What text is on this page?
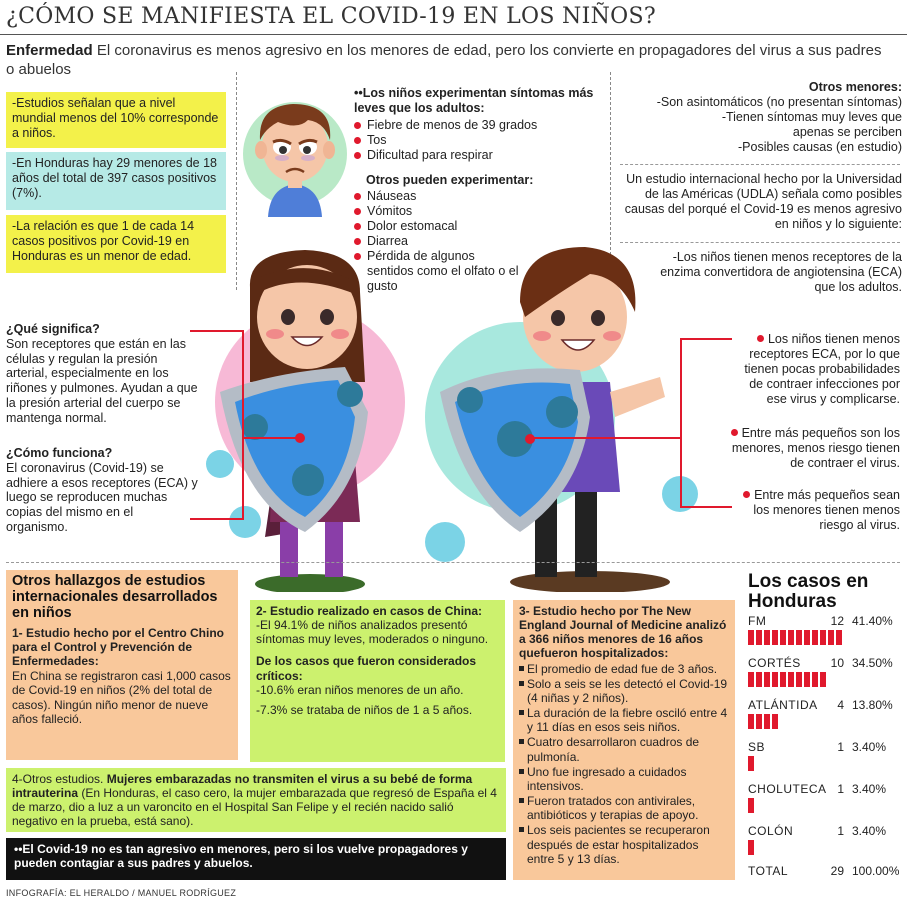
¿CÓMO SE MANIFIESTA EL COVID-19 EN LOS NIÑOS?
Enfermedad El coronavirus es menos agresivo en los menores de edad, pero los convierte en propagadores del virus a sus padres o abuelos
-Estudios señalan que a nivel mundial menos del 10% corresponde a niños.
-En Honduras hay 29 menores de 18 años del total de 397 casos positivos (7%).
-La relación es que 1 de cada 14 casos positivos por Covid-19 en Honduras es un menor de edad.
••Los niños experimentan síntomas más leves que los adultos:
Fiebre de menos de 39 grados
Tos
Dificultad para respirar
Otros pueden experimentar:
Náuseas
Vómitos
Dolor estomacal
Diarrea
Pérdida de algunos sentidos como el olfato o el gusto
Otros menores:
-Son asintomáticos (no presentan síntomas)
-Tienen síntomas muy leves que apenas se perciben
-Posibles causas (en estudio)
Un estudio internacional hecho por la Universidad de las Américas (UDLA) señala como posibles causas del porqué el Covid-19 es menos agresivo en niños y lo siguiente:
-Los niños tienen menos receptores de la enzima convertidora de angiotensina (ECA) que los adultos.
¿Qué significa?
Son receptores que están en las células y regulan la presión arterial, especialmente en los riñones y pulmones. Ayudan a que la presión arterial del cuerpo se mantenga normal.
¿Cómo funciona?
El coronavirus (Covid-19) se adhiere a esos receptores (ECA) y luego se reproducen muchas copias del mismo en el organismo.
Los niños tienen menos receptores ECA, por lo que tienen pocas probabilidades de contraer infecciones por ese virus y complicarse.
Entre más pequeños son los menores, menos riesgo tienen de contraer el virus.
Entre más pequeños sean los menores tienen menos riesgo al virus.
Otros hallazgos de estudios internacionales desarrollados en niños
1- Estudio hecho por el Centro Chino para el Control y Prevención de Enfermedades:
En China se registraron casi 1,000 casos de Covid-19 en niños (2% del total de casos). Ningún niño menor de nueve años falleció.
2- Estudio realizado en casos de China:
-El 94.1% de niños analizados presentó síntomas muy leves, moderados o ninguno.
De los casos que fueron considerados críticos:
-10.6% eran niños menores de un año.
-7.3% se trataba de niños de 1 a 5 años.
3- Estudio hecho por The New England Journal of Medicine analizó a 366 niños menores de 16 años quefueron hospitalizados:
El promedio de edad fue de 3 años.
Solo a seis se les detectó el Covid-19 (4 niñas y 2 niños).
La duración de la fiebre osciló entre 4 y 11 días en esos seis niños.
Cuatro desarrollaron cuadros de pulmonía.
Uno fue ingresado a cuidados intensivos.
Fueron tratados con antivirales, antibióticos y terapias de apoyo.
Los seis pacientes se recuperaron después de estar hospitalizados entre 5 y 13 días.
4-Otros estudios. Mujeres embarazadas no transmiten el virus a su bebé de forma intrauterina (En Honduras, el caso cero, la mujer embarazada que regresó de España el 4 de marzo, dio a luz a un varoncito en el Hospital San Felipe y el recién nacido salió negativo en la prueba, está sano).
••El Covid-19 no es tan agresivo en menores, pero si los vuelve propagadores y pueden contagiar a sus padres y abuelos.
INFOGRAFÍA: EL HERALDO / MANUEL RODRÍGUEZ
Los casos en Honduras
FM	12 41.40%
CORTÉS 10 34.50%
ATLÁNTIDA	4 13.80%
SB	1 3.40%
CHOLUTECA 1 3.40%
COLÓN	1 3.40%
TOTAL	29 100.00%
